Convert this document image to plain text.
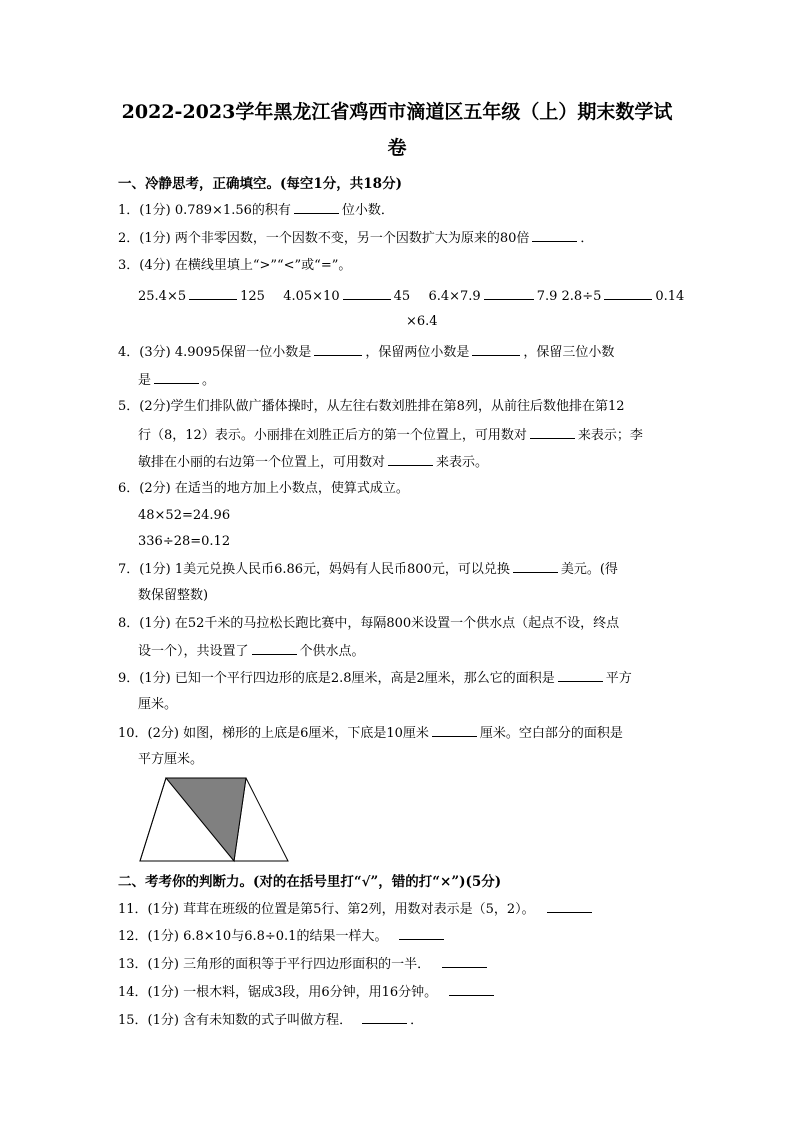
2022-2023学年黑龙江省鸡西市滴道区五年级（上）期末数学试
卷
一、冷静思考，正确填空。(每空1分，共18分)
1．(1分) 0.789×1.56的积有	位小数．
2．(1分) 两个非零因数，一个因数不变，另一个因数扩大为原来的80倍	．
3．(4分) 在横线里填上“>”“<”或“=”。
25.4×5	125 4.05×10	45 6.4×7.9	7.9 2.8÷5	0.14
×6.4
4．(3分) 4.9095保留一位小数是	，保留两位小数是	，保留三位小数
是	。
5．(2分)学生们排队做广播体操时，从左往右数刘胜排在第8列，从前往后数他排在第12
行（8，12）表示。小丽排在刘胜正后方的第一个位置上，可用数对	来表示；李
敏排在小丽的右边第一个位置上，可用数对	来表示。
6．(2分) 在适当的地方加上小数点，使算式成立。
48×52=24.96
336÷28=0.12
7．(1分) 1美元兑换人民币6.86元，妈妈有人民币800元，可以兑换	美元。(得
数保留整数)
8．(1分) 在52千米的马拉松长跑比赛中，每隔800米设置一个供水点（起点不设，终点
设一个），共设置了	个供水点。
9．(1分) 已知一个平行四边形的底是2.8厘米，高是2厘米，那么它的面积是	平方
厘米。
10．(2分) 如图，梯形的上底是6厘米，下底是10厘米	厘米。空白部分的面积是
平方厘米。
二、考考你的判断力。(对的在括号里打“√”，错的打“×”)(5分)
11．(1分) 茸茸在班级的位置是第5行、第2列，用数对表示是（5，2）。
12．(1分) 6.8×10与6.8÷0.1的结果一样大。
13．(1分) 三角形的面积等于平行四边形面积的一半．
14．(1分) 一根木料，锯成3段，用6分钟，用16分钟。
15．(1分) 含有未知数的式子叫做方程．	．
